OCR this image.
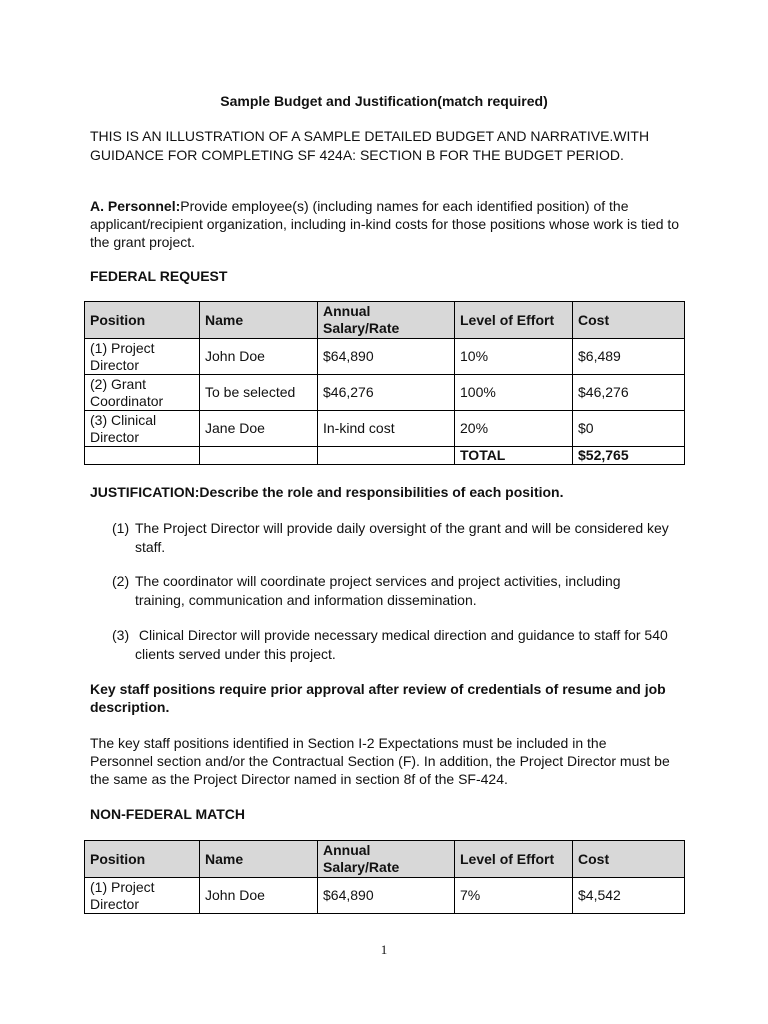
Sample Budget and Justification(match required)
THIS IS AN ILLUSTRATION OF A SAMPLE DETAILED BUDGET AND NARRATIVE.WITH GUIDANCE FOR COMPLETING SF 424A: SECTION B FOR THE BUDGET PERIOD.
A. Personnel:Provide employee(s) (including names for each identified position) of the applicant/recipient organization, including in-kind costs for those positions whose work is tied to the grant project.
FEDERAL REQUEST
Position	Name	Annual Salary/Rate	Level of Effort	Cost
(1) Project Director	John Doe	$64,890	10%	$6,489
(2) Grant Coordinator	To be selected	$46,276	100%	$46,276
(3) Clinical Director	Jane Doe	In-kind cost	20%	$0
			TOTAL	$52,765
JUSTIFICATION:Describe the role and responsibilities of each position.
(1) The Project Director will provide daily oversight of the grant and will be considered key staff.
(2) The coordinator will coordinate project services and project activities, including training, communication and information dissemination.
(3) Clinical Director will provide necessary medical direction and guidance to staff for 540 clients served under this project.
Key staff positions require prior approval after review of credentials of resume and job description.
The key staff positions identified in Section I-2 Expectations must be included in the Personnel section and/or the Contractual Section (F). In addition, the Project Director must be the same as the Project Director named in section 8f of the SF-424.
NON-FEDERAL MATCH
Position	Name	Annual Salary/Rate	Level of Effort	Cost
(1) Project Director	John Doe	$64,890	7%	$4,542
1
